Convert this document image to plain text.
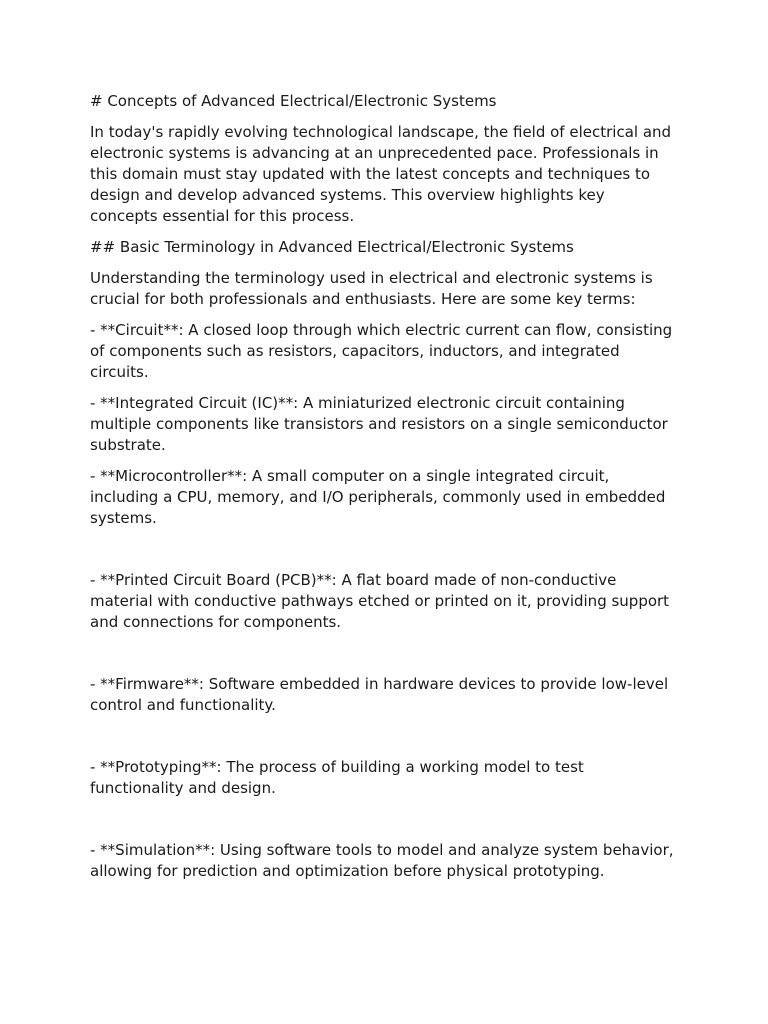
# Concepts of Advanced Electrical/Electronic Systems

In today's rapidly evolving technological landscape, the field of electrical and
electronic systems is advancing at an unprecedented pace. Professionals in
this domain must stay updated with the latest concepts and techniques to
design and develop advanced systems. This overview highlights key
concepts essential for this process.

## Basic Terminology in Advanced Electrical/Electronic Systems

Understanding the terminology used in electrical and electronic systems is
crucial for both professionals and enthusiasts. Here are some key terms:

- **Circuit**: A closed loop through which electric current can flow, consisting
of components such as resistors, capacitors, inductors, and integrated
circuits.

- **Integrated Circuit (IC)**: A miniaturized electronic circuit containing
multiple components like transistors and resistors on a single semiconductor
substrate.

- **Microcontroller**: A small computer on a single integrated circuit,
including a CPU, memory, and I/O peripherals, commonly used in embedded
systems.

- **Printed Circuit Board (PCB)**: A flat board made of non-conductive
material with conductive pathways etched or printed on it, providing support
and connections for components.

- **Firmware**: Software embedded in hardware devices to provide low-level
control and functionality.

- **Prototyping**: The process of building a working model to test
functionality and design.

- **Simulation**: Using software tools to model and analyze system behavior,
allowing for prediction and optimization before physical prototyping.
